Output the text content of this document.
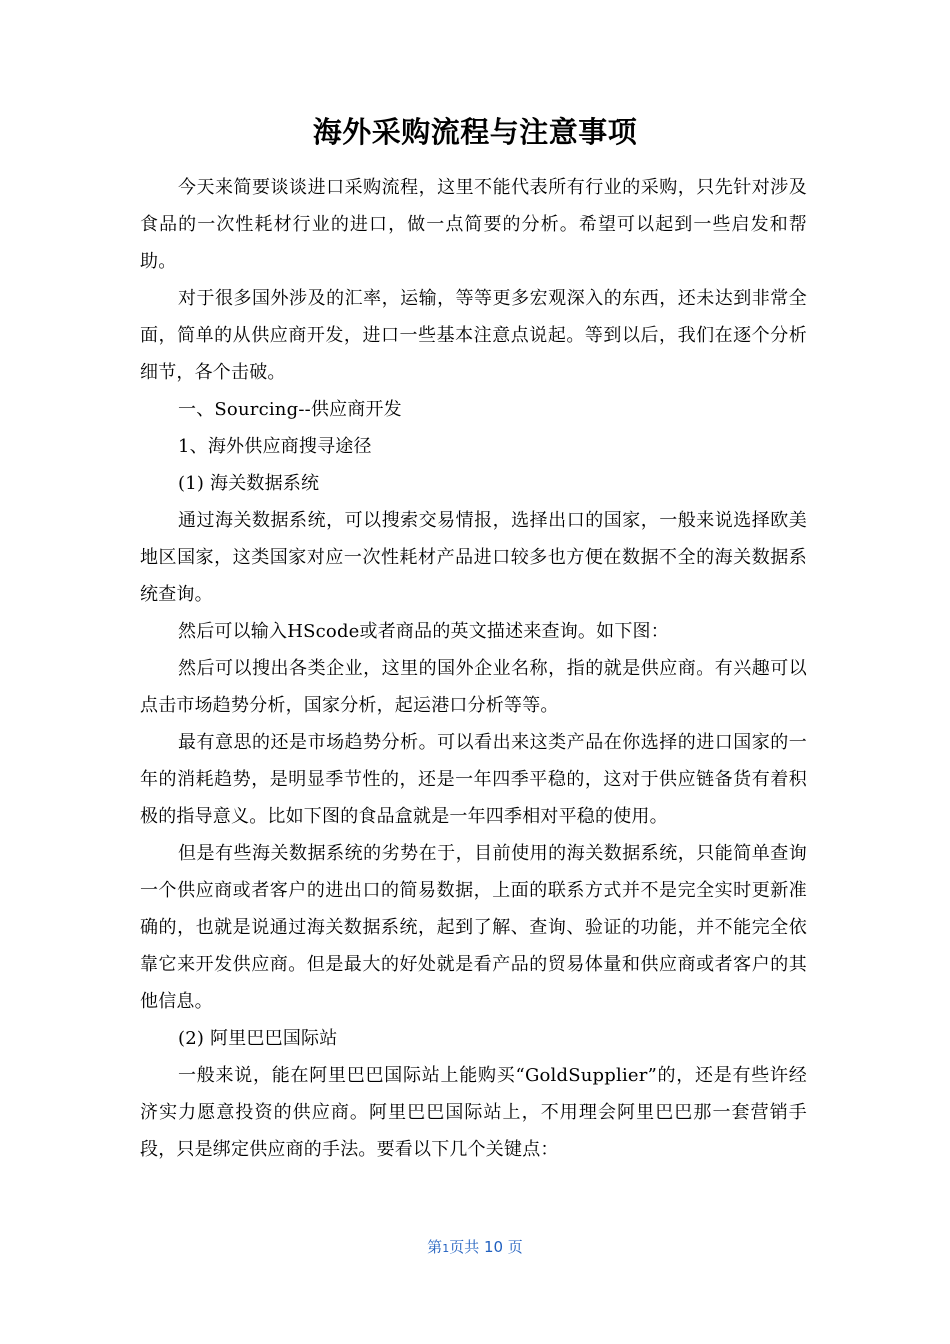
海外采购流程与注意事项

今天来简要谈谈进口采购流程，这里不能代表所有行业的采购，只先针对涉及食品的一次性耗材行业的进口，做一点简要的分析。希望可以起到一些启发和帮助。

对于很多国外涉及的汇率，运输，等等更多宏观深入的东西，还未达到非常全面，简单的从供应商开发，进口一些基本注意点说起。等到以后，我们在逐个分析细节，各个击破。

一、Sourcing--供应商开发

1、海外供应商搜寻途径

(1) 海关数据系统

通过海关数据系统，可以搜索交易情报，选择出口的国家，一般来说选择欧美地区国家，这类国家对应一次性耗材产品进口较多也方便在数据不全的海关数据系统查询。

然后可以输入HScode或者商品的英文描述来查询。如下图：

然后可以搜出各类企业，这里的国外企业名称，指的就是供应商。有兴趣可以点击市场趋势分析，国家分析，起运港口分析等等。

最有意思的还是市场趋势分析。可以看出来这类产品在你选择的进口国家的一年的消耗趋势，是明显季节性的，还是一年四季平稳的，这对于供应链备货有着积极的指导意义。比如下图的食品盒就是一年四季相对平稳的使用。

但是有些海关数据系统的劣势在于，目前使用的海关数据系统，只能简单查询一个供应商或者客户的进出口的简易数据，上面的联系方式并不是完全实时更新准确的，也就是说通过海关数据系统，起到了解、查询、验证的功能，并不能完全依靠它来开发供应商。但是最大的好处就是看产品的贸易体量和供应商或者客户的其他信息。

(2) 阿里巴巴国际站

一般来说，能在阿里巴巴国际站上能购买“GoldSupplier”的，还是有些许经济实力愿意投资的供应商。阿里巴巴国际站上，不用理会阿里巴巴那一套营销手段，只是绑定供应商的手法。要看以下几个关键点：

第1页共 10 页
